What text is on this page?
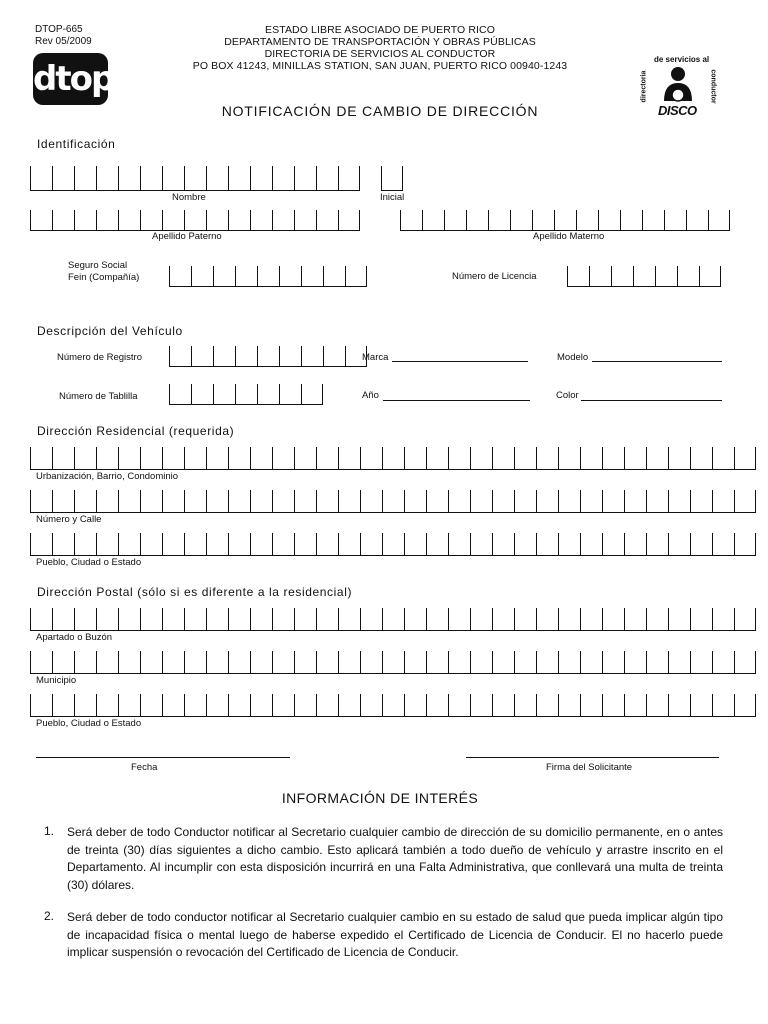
DTOP-665
Rev 05/2009
dtop
ESTADO LIBRE ASOCIADO DE PUERTO RICO
DEPARTAMENTO DE TRANSPORTACIÓN Y OBRAS PÚBLICAS
DIRECTORIA DE SERVICIOS AL CONDUCTOR
PO BOX 41243, MINILLAS STATION, SAN JUAN, PUERTO RICO 00940-1243
de servicios al
directoria	conductor
DISCO
NOTIFICACIÓN DE CAMBIO DE DIRECCIÓN
Identificación
Nombre	Inicial
Apellido Paterno	Apellido Materno
Seguro Social
Fein (Compañía)	Número de Licencia
Descripción del Vehículo
Número de Registro	Marca	Modelo
Número de Tablilla	Año	Color
Dirección Residencial (requerida)
Urbanización, Barrio, Condominio
Número y Calle
Pueblo, Ciudad o Estado
Dirección Postal (sólo si es diferente a la residencial)
Apartado o Buzón
Municipio
Pueblo, Ciudad o Estado
Fecha	Firma del Solicitante
INFORMACIÓN DE INTERÉS
1. Será deber de todo Conductor notificar al Secretario cualquier cambio de dirección de su domicilio permanente, en o antes de treinta (30) días siguientes a dicho cambio. Esto aplicará también a todo dueño de vehículo y arrastre inscrito en el Departamento. Al incumplir con esta disposición incurrirá en una Falta Administrativa, que conllevará una multa de treinta (30) dólares.
2. Será deber de todo conductor notificar al Secretario cualquier cambio en su estado de salud que pueda implicar algún tipo de incapacidad física o mental luego de haberse expedido el Certificado de Licencia de Conducir. El no hacerlo puede implicar suspensión o revocación del Certificado de Licencia de Conducir.
